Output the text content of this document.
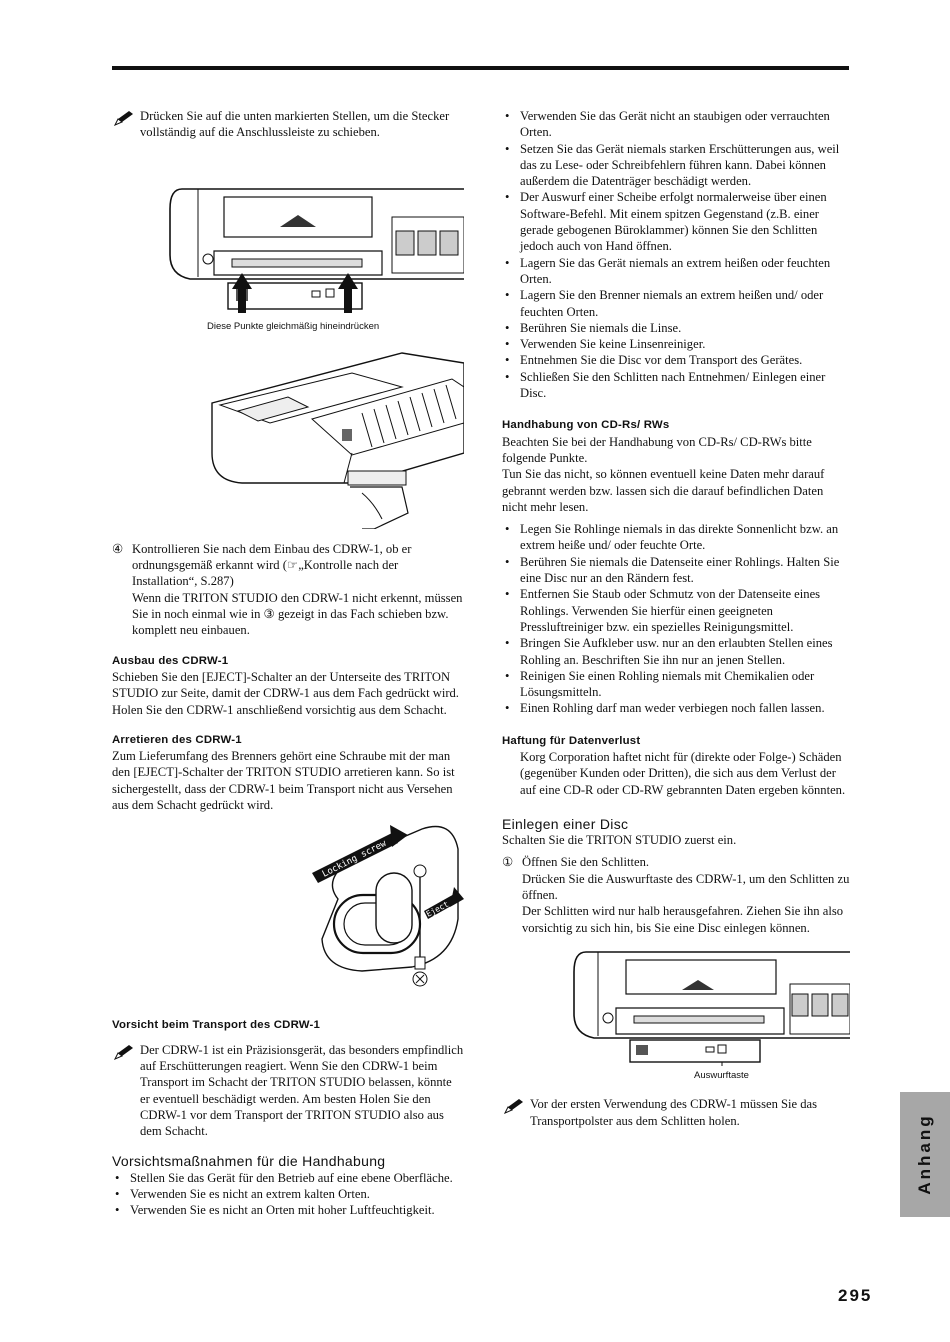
Drücken Sie auf die unten markierten Stellen, um die Stecker vollständig auf die Anschlussleiste zu schieben.

Diese Punkte gleichmäßig hineindrücken
④ Kontrollieren Sie nach dem Einbau des CDRW-1, ob er ordnungsgemäß erkannt wird (☞„Kontrolle nach der Installation“, S.287)

Wenn die TRITON STUDIO den CDRW-1 nicht erkennt, müssen Sie in noch einmal wie in ③ gezeigt in das Fach schieben bzw. komplett neu einbauen.

Ausbau des CDRW-1

Schieben Sie den [EJECT]-Schalter an der Unterseite des TRITON STUDIO zur Seite, damit der CDRW-1 aus dem Fach gedrückt wird. Holen Sie den CDRW-1 anschließend vorsichtig aus dem Schacht.

Arretieren des CDRW-1

Zum Lieferumfang des Brenners gehört eine Schraube mit der man den [EJECT]-Schalter der TRITON STUDIO arretieren kann. So ist sichergestellt, dass der CDRW-1 beim Transport nicht aus Versehen aus dem Schacht gedrückt wird.

Locking screw
Eject

Vorsicht beim Transport des CDRW-1

Der CDRW-1 ist ein Präzisionsgerät, das besonders empfindlich auf Erschütterungen reagiert. Wenn Sie den CDRW-1 beim Transport im Schacht der TRITON STUDIO belassen, könnte er eventuell beschädigt werden. Am besten Holen Sie den CDRW-1 vor dem Transport der TRITON STUDIO also aus dem Schacht.

Vorsichtsmaßnahmen für die Handhabung

• Stellen Sie das Gerät für den Betrieb auf eine ebene Oberfläche.
• Verwenden Sie es nicht an extrem kalten Orten.
• Verwenden Sie es nicht an Orten mit hoher Luftfeuchtigkeit.
• Verwenden Sie das Gerät nicht an staubigen oder verrauchten Orten.
• Setzen Sie das Gerät niemals starken Erschütterungen aus, weil das zu Lese- oder Schreibfehlern führen kann. Dabei können außerdem die Datenträger beschädigt werden.
• Der Auswurf einer Scheibe erfolgt normalerweise über einen Software-Befehl. Mit einem spitzen Gegenstand (z.B. einer gerade gebogenen Büroklammer) können Sie den Schlitten jedoch auch von Hand öffnen.
• Lagern Sie das Gerät niemals an extrem heißen oder feuchten Orten.
• Lagern Sie den Brenner niemals an extrem heißen und/ oder feuchten Orten.
• Berühren Sie niemals die Linse.
• Verwenden Sie keine Linsenreiniger.
• Entnehmen Sie die Disc vor dem Transport des Gerätes.
• Schließen Sie den Schlitten nach Entnehmen/ Einlegen einer Disc.

Handhabung von CD-Rs/ RWs

Beachten Sie bei der Handhabung von CD-Rs/ CD-RWs bitte folgende Punkte.

Tun Sie das nicht, so können eventuell keine Daten mehr darauf gebrannt werden bzw. lassen sich die darauf befindlichen Daten nicht mehr lesen.

• Legen Sie Rohlinge niemals in das direkte Sonnenlicht bzw. an extrem heiße und/ oder feuchte Orte.
• Berühren Sie niemals die Datenseite einer Rohlings. Halten Sie eine Disc nur an den Rändern fest.
• Entfernen Sie Staub oder Schmutz von der Datenseite eines Rohlings. Verwenden Sie hierfür einen geeigneten Pressluftreiniger bzw. ein spezielles Reinigungsmittel.
• Bringen Sie Aufkleber usw. nur an den erlaubten Stellen eines Rohling an. Beschriften Sie ihn nur an jenen Stellen.
• Reinigen Sie einen Rohling niemals mit Chemikalien oder Lösungsmitteln.
• Einen Rohling darf man weder verbiegen noch fallen lassen.

Haftung für Datenverlust

Korg Corporation haftet nicht für (direkte oder Folge-) Schäden (gegenüber Kunden oder Dritten), die sich aus dem Verlust der auf eine CD-R oder CD-RW gebrannten Daten ergeben könnten.

Einlegen einer Disc

Schalten Sie die TRITON STUDIO zuerst ein.

① Öffnen Sie den Schlitten.

Drücken Sie die Auswurftaste des CDRW-1, um den Schlitten zu öffnen.

Der Schlitten wird nur halb herausgefahren. Ziehen Sie ihn also vorsichtig zu sich hin, bis Sie eine Disc einlegen können.

Auswurftaste

Vor der ersten Verwendung des CDRW-1 müssen Sie das Transportpolster aus dem Schlitten holen.	Anhang
295
